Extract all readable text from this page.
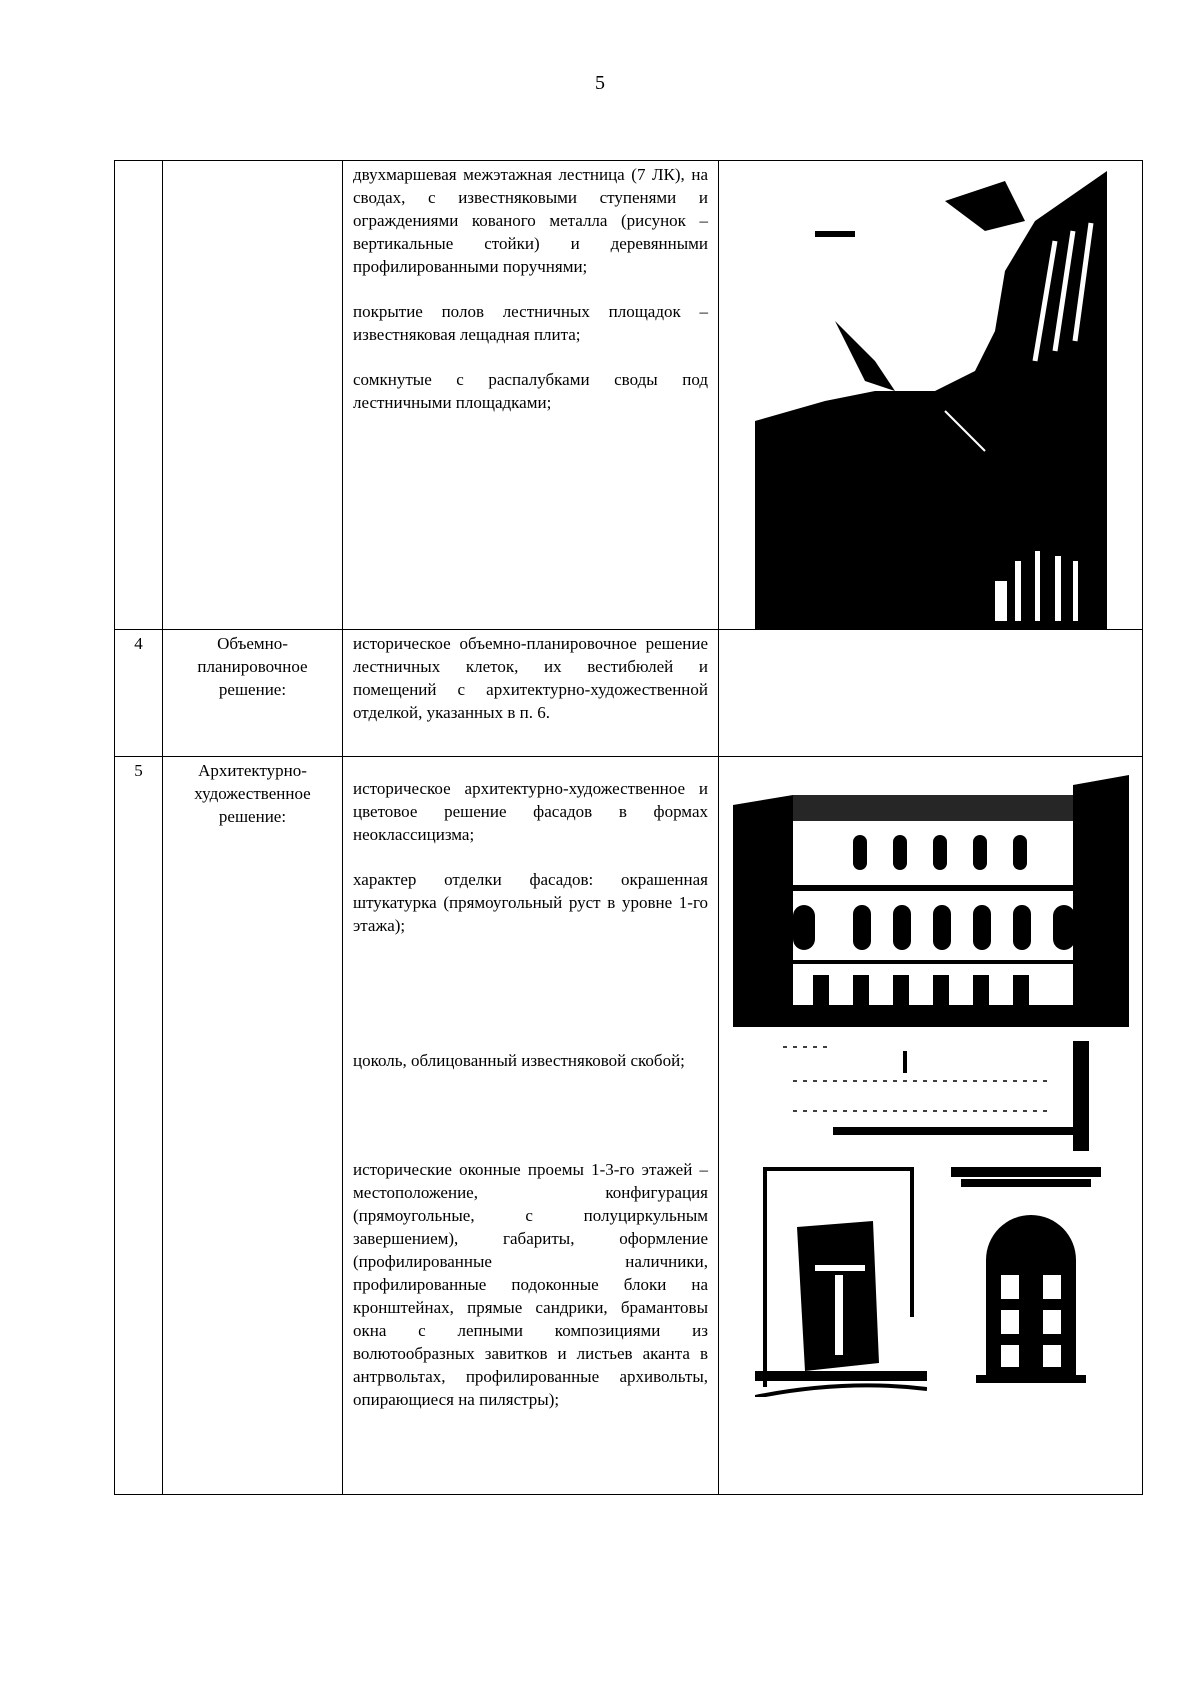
5

		двухмаршевая межэтажная лестница (7 ЛК), на сводах, с известняковыми ступенями и ограждениями кованого металла (рисунок – вертикальные стойки) и деревянными профилированными поручнями;

покрытие полов лестничных площадок – известняковая лещадная плита;

сомкнутые с распалубками своды под лестничными площадками;

4	Объемно-планировочное решение:	историческое объемно-планировочное решение лестничных клеток, их вестибюлей и помещений с архитектурно-художественной отделкой, указанных в п. 6.	

5	Архитектурно-художественное решение:	историческое архитектурно-художественное и цветовое решение фасадов в формах неоклассицизма;

характер отделки фасадов: окрашенная штукатурка (прямоугольный руст в уровне 1-го этажа);

цоколь, облицованный известняковой скобой;

исторические оконные проемы 1-3-го этажей – местоположение, конфигурация (прямоугольные, с полуциркульным завершением), габариты, оформление (профилированные наличники, профилированные подоконные блоки на кронштейнах, прямые сандрики, брамантовы окна с лепными композициями из волютообразных завитков и листьев аканта в антрвольтах, профилированные архивольты, опирающиеся на пилястры);
